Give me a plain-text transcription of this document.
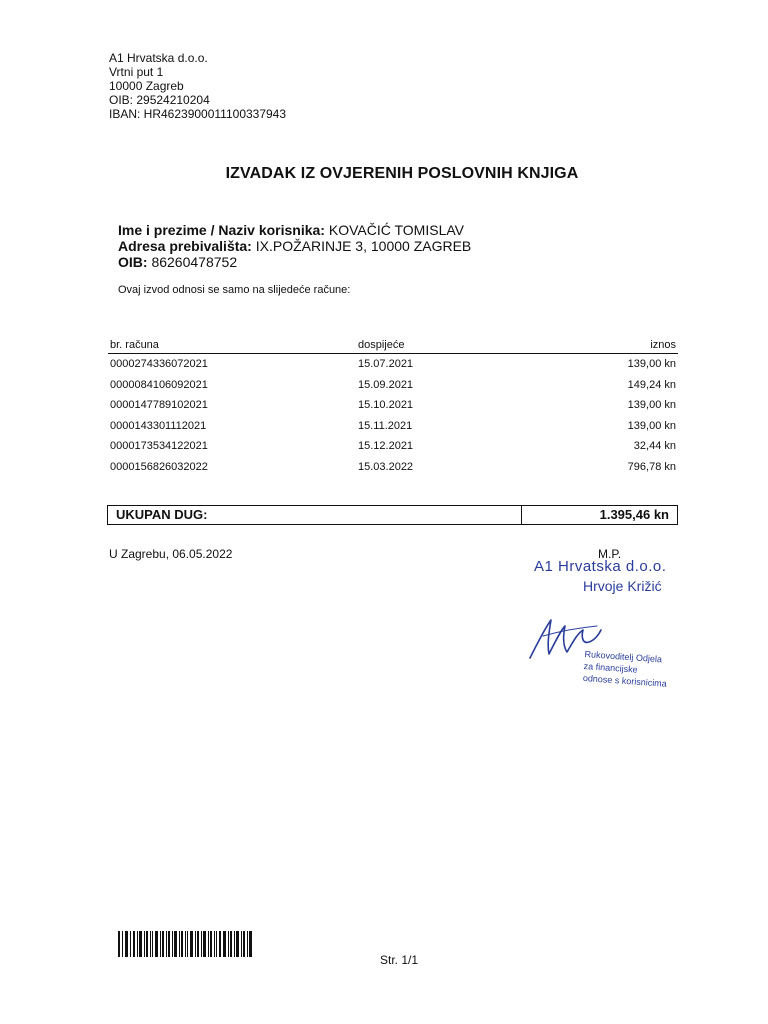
A1 Hrvatska d.o.o.
Vrtni put 1
10000 Zagreb
OIB: 29524210204
IBAN: HR4623900011100337943
IZVADAK IZ OVJERENIH POSLOVNIH KNJIGA
Ime i prezime / Naziv korisnika: KOVAČIĆ TOMISLAV
Adresa prebivališta: IX.POŽARINJE 3, 10000 ZAGREB
OIB: 86260478752
Ovaj izvod odnosi se samo na slijedeće račune:
br. računa	dospijeće	iznos
0000274336072021	15.07.2021	139,00 kn
0000084106092021	15.09.2021	149,24 kn
0000147789102021	15.10.2021	139,00 kn
0000143301112021	15.11.2021	139,00 kn
0000173534122021	15.12.2021	32,44 kn
0000156826032022	15.03.2022	796,78 kn
UKUPAN DUG:	1.395,46 kn
U Zagrebu, 06.05.2022	M.P.
A1 Hrvatska d.o.o.
Hrvoje Križić
Rukovoditelj Odjela
za financijske
odnose s korisnicima
Str. 1/1
